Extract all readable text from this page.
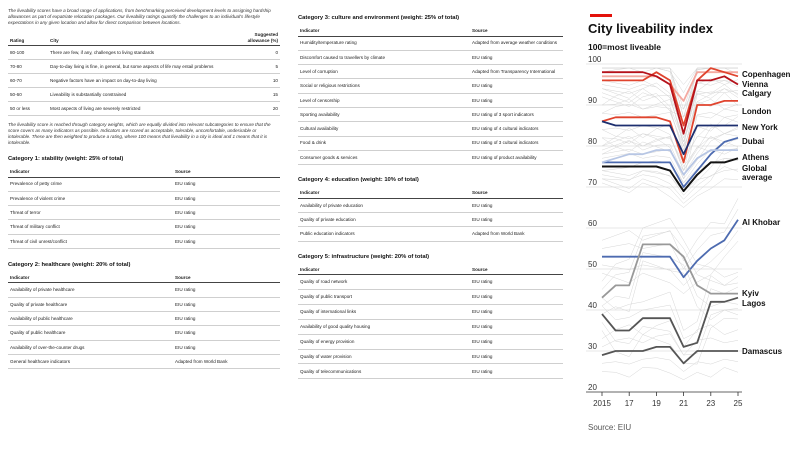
The liveability scores have a broad range of applications, from benchmarking perceived development levels to assigning hardship allowances as part of expatriate relocation packages. Our liveability ratings quantify the challenges to an individual's lifestyle expectations in any given location and allow for direct comparison between locations.

Rating	City	Suggested allowance (%)
80-100	There are few, if any, challenges to living standards	0
70-80	Day-to-day living is fine, in general, but some aspects of life may entail problems	5
60-70	Negative factors have an impact on day-to-day living	10
50-60	Liveability is substantially constrained	15
50 or less	Most aspects of living are severely restricted	20

The liveability score is reached through category weights, which are equally divided into relevant subcategories to ensure that the score covers as many indicators as possible. Indicators are scored as acceptable, tolerable, uncomfortable, undesirable or intolerable. These are then weighted to produce a rating, where 100 means that liveability in a city is ideal and 1 means that it is intolerable.

Category 1: stability (weight: 25% of total)
Indicator	Source
Prevalence of petty crime	EIU rating
Prevalence of violent crime	EIU rating
Threat of terror	EIU rating
Threat of military conflict	EIU rating
Threat of civil unrest/conflict	EIU rating
Category 2: healthcare (weight: 20% of total)
Indicator	Source
Availability of private healthcare	EIU rating
Quality of private healthcare	EIU rating
Availability of public healthcare	EIU rating
Quality of public healthcare	EIU rating
Availability of over-the-counter drugs	EIU rating
General healthcare indicators	Adapted from World Bank
Category 3: culture and environment (weight: 25% of total)
Indicator	Source
Humidity/temperature rating	Adapted from average weather conditions
Discomfort caused to travellers by climate	EIU rating
Level of corruption	Adapted from Transparency International
Social or religious restrictions	EIU rating
Level of censorship	EIU rating
Sporting availability	EIU rating of 3 sport indicators
Cultural availability	EIU rating of 4 cultural indicators
Food & drink	EIU rating of 3 cultural indicators
Consumer goods & services	EIU rating of product availability
Category 4: education (weight: 10% of total)
Indicator	Source
Availability of private education	EIU rating
Quality of private education	EIU rating
Public education indicators	Adapted from World Bank
Category 5: infrastructure (weight: 20% of total)
Indicator	Source
Quality of road network	EIU rating
Quality of public transport	EIU rating
Quality of international links	EIU rating
Availability of good quality housing	EIU rating
Quality of energy provision	EIU rating
Quality of water provision	EIU rating
Quality of telecommunications	EIU rating
City liveability index
100=most liveable
20
30
40
50
60
70
80
90
100
2015 17 19 21 23 25
Copenhagen
Vienna
Calgary
London
New York
Dubai
Athens
Global average
Al Khobar
Kyiv
Lagos
Damascus
Source: EIU
